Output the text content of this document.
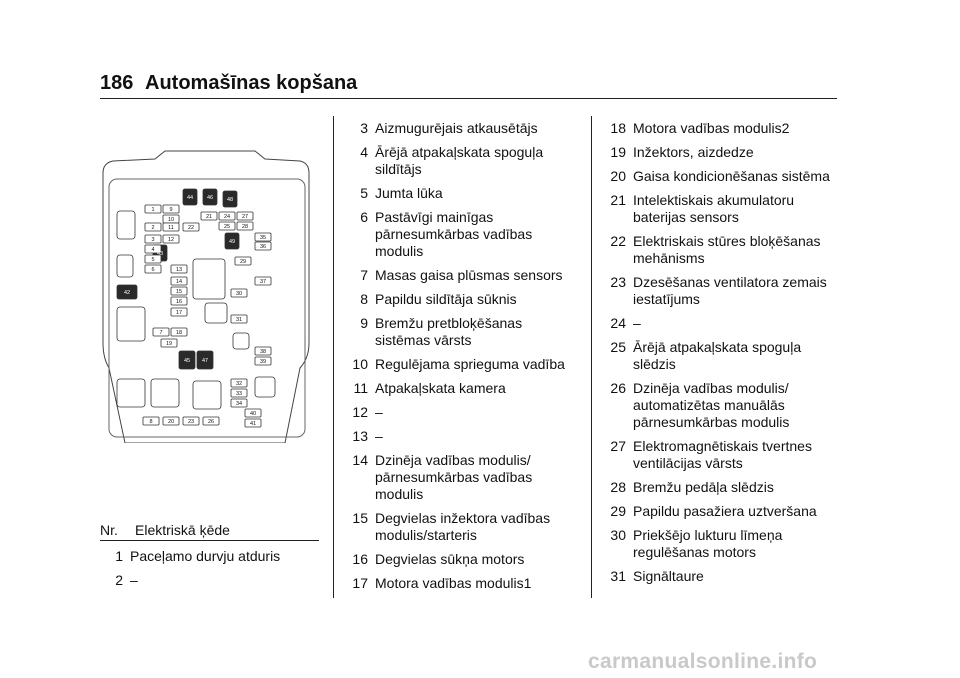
186 Automašīnas kopšana
44	46	48
43
49
42
45 47
1	9
10	21 24 27
2 11	22	25 28
3 12
4
5
13
6
14
15
16
17
7 18
19
35
36
29
37
30
31
38
39
32
33
34
40
41
8	20	23	26
Nr. Elektriskā ķēde
1 Paceļamo durvju atduris
2 –
3 Aizmugurējais atkausētājs
4 Ārējā atpakaļskata spoguļa sildītājs
5 Jumta lūka
6 Pastāvīgi mainīgas pārnesumkārbas vadības modulis
7 Masas gaisa plūsmas sensors
8 Papildu sildītāja sūknis
9 Bremžu pretbloķēšanas sistēmas vārsts
10 Regulējama sprieguma vadība
11 Atpakaļskata kamera
12 –
13 –
14 Dzinēja vadības modulis/ pārnesumkārbas vadības modulis
15 Degvielas inžektora vadības modulis/starteris
16 Degvielas sūkņa motors
17 Motora vadības modulis1
18 Motora vadības modulis2
19 Inžektors, aizdedze
20 Gaisa kondicionēšanas sistēma
21 Intelektiskais akumulatoru baterijas sensors
22 Elektriskais stūres bloķēšanas mehānisms
23 Dzesēšanas ventilatora zemais iestatījums
24 –
25 Ārējā atpakaļskata spoguļa slēdzis
26 Dzinēja vadības modulis/ automatizētas manuālās pārnesumkārbas modulis
27 Elektromagnētiskais tvertnes ventilācijas vārsts
28 Bremžu pedāļa slēdzis
29 Papildu pasažiera uztveršana
30 Priekšējo lukturu līmeņa regulēšanas motors
31 Signāltaure
carmanualsonline.info
